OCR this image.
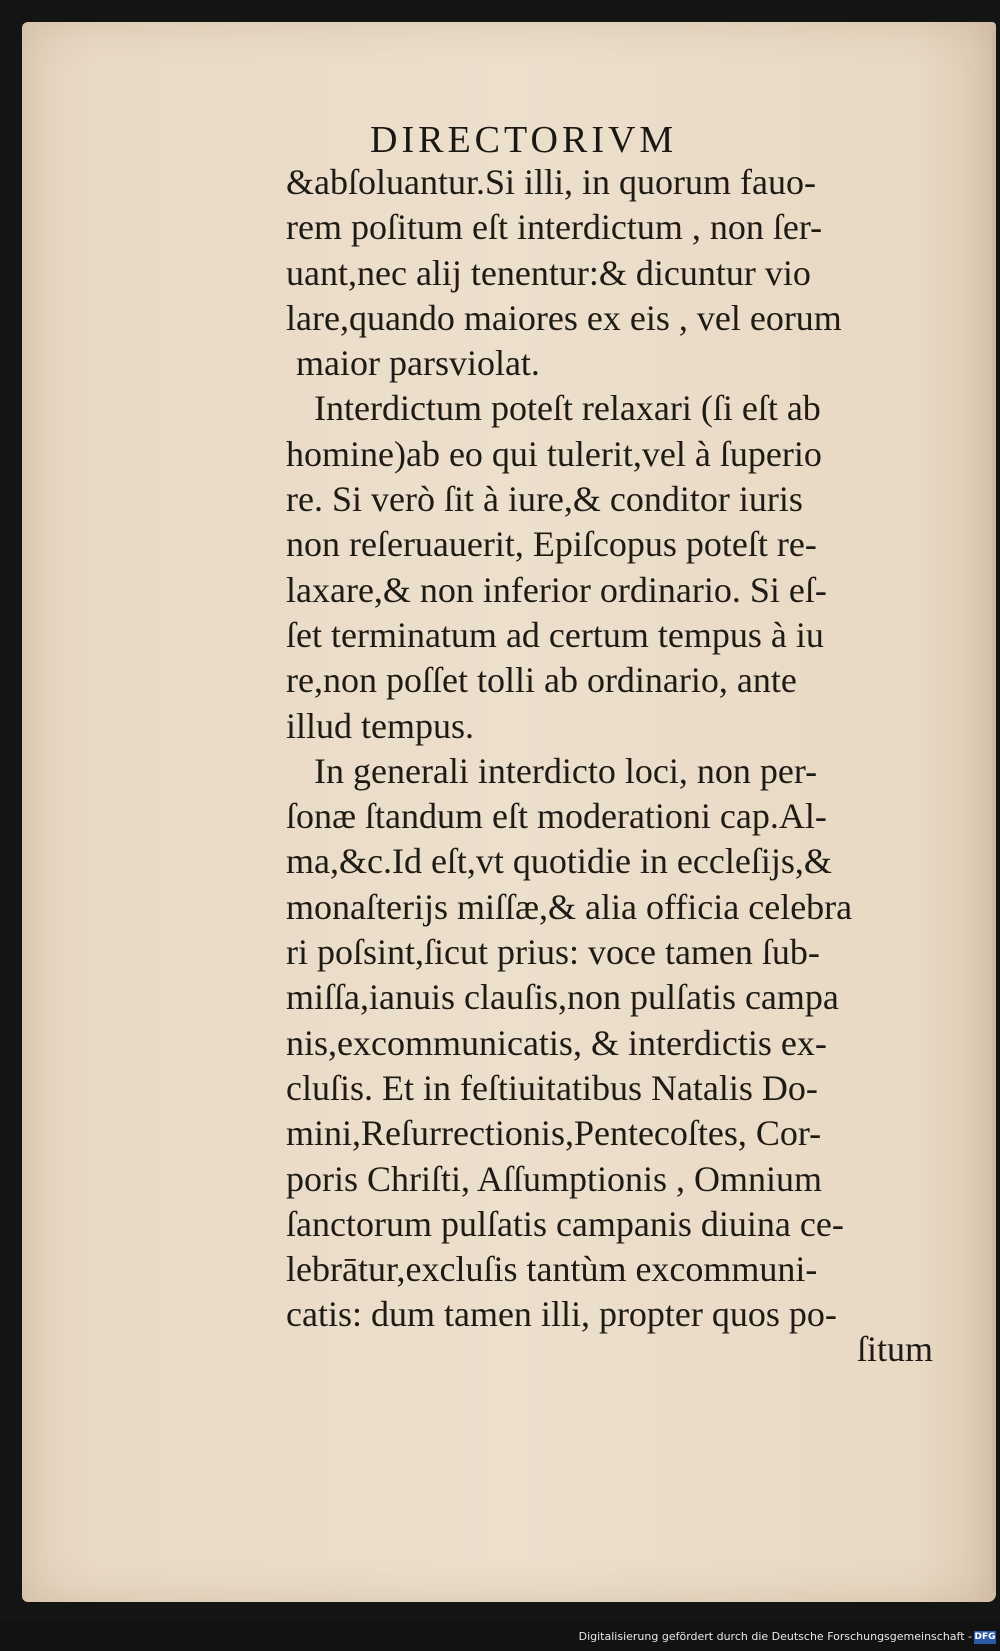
DIRECTORIVM
&abſoluantur.Si illi, in quorum fauo-
rem poſitum eſt interdictum , non ſer-
uant,nec alij tenentur:& dicuntur vio
lare,quando maiores ex eis , vel eorum
maior parsviolat.
Interdictum poteſt relaxari (ſi eſt ab
homine)ab eo qui tulerit,vel à ſuperio
re. Si verò ſit à iure,& conditor iuris
non reſeruauerit, Epiſcopus poteſt re-
laxare,& non inferior ordinario. Si eſ-
ſet terminatum ad certum tempus à iu
re,non poſſet tolli ab ordinario, ante
illud tempus.
In generali interdicto loci, non per-
ſonæ ſtandum eſt moderationi cap.Al-
ma,&c.Id eſt,vt quotidie in eccleſijs,&
monaſterijs miſſæ,& alia officia celebra
ri poſsint,ſicut prius: voce tamen ſub-
miſſa,ianuis clauſis,non pulſatis campa
nis,excommunicatis, & interdictis ex-
cluſis. Et in feſtiuitatibus Natalis Do-
mini,Reſurrectionis,Pentecoſtes, Cor-
poris Chriſti, Aſſumptionis , Omnium
ſanctorum pulſatis campanis diuina ce-
lebrātur,excluſis tantùm excommuni-
catis: dum tamen illi, propter quos po-
ſitum
Digitalisierung gefördert durch die Deutsche Forschungsgemeinschaft - DFG
